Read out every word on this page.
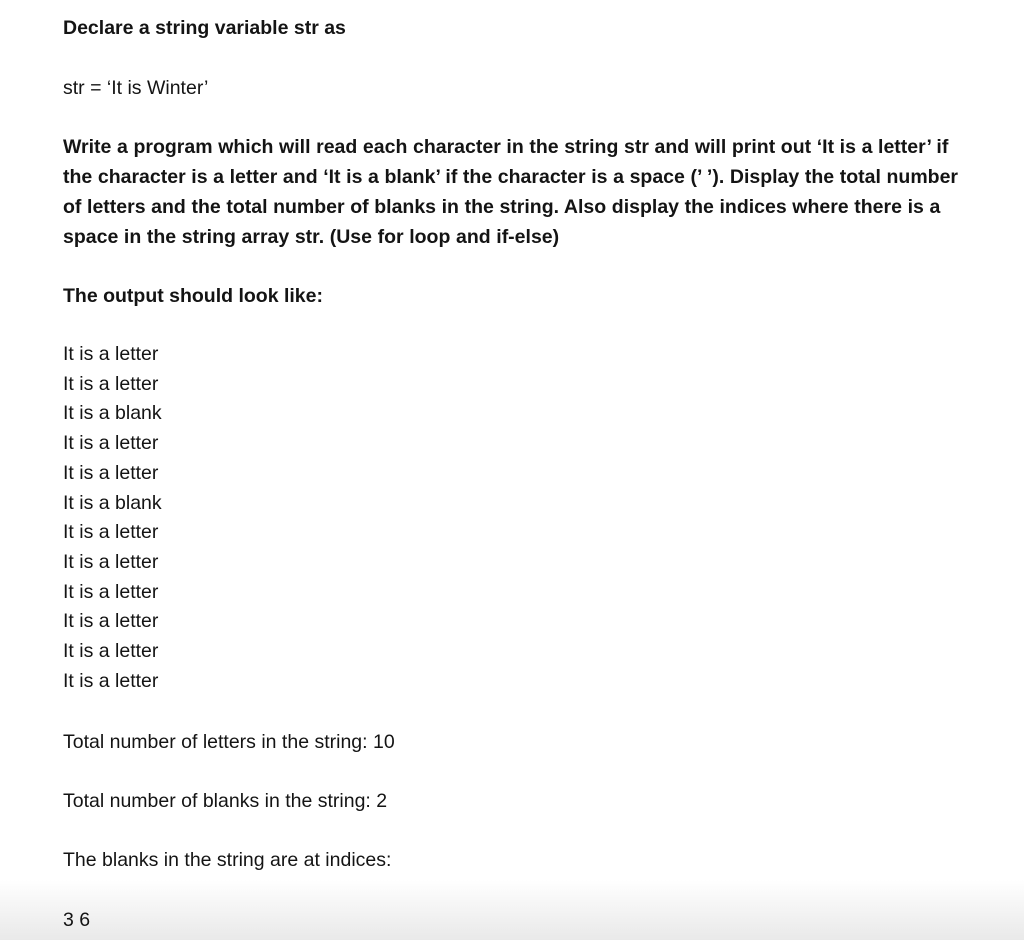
Declare a string variable str as

str = ‘It is Winter’

Write a program which will read each character in the string str and will print out ‘It is a letter’ if the character is a letter and ‘It is a blank’ if the character is a space (’ ’). Display the total number of letters and the total number of blanks in the string. Also display the indices where there is a space in the string array str. (Use for loop and if-else)

The output should look like:

It is a letter
It is a letter
It is a blank
It is a letter
It is a letter
It is a blank
It is a letter
It is a letter
It is a letter
It is a letter
It is a letter
It is a letter

Total number of letters in the string: 10

Total number of blanks in the string: 2

The blanks in the string are at indices:

3 6
